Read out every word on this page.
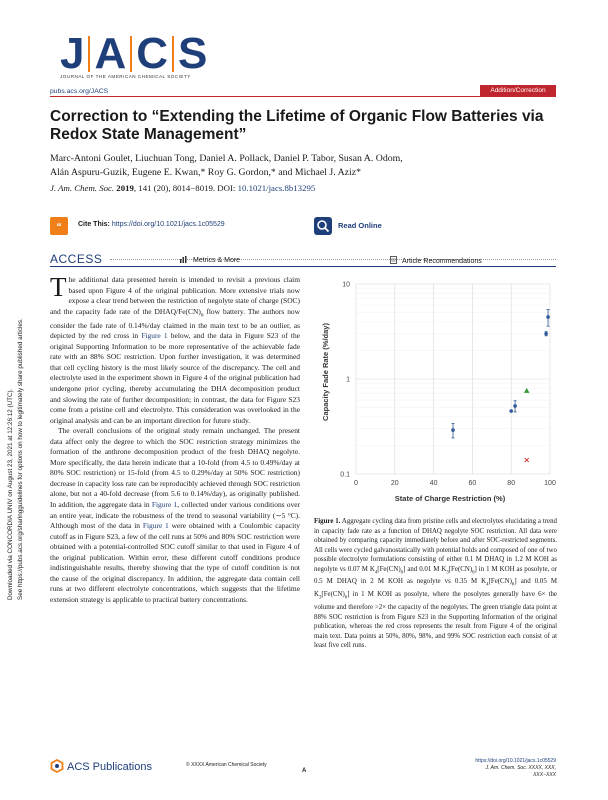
Downloaded via CONCORDIA UNIV on August 23, 2021 at 12:26:12 (UTC). See https://pubs.acs.org/sharingguidelines for options on how to legitimately share published articles.
J A C S
JOURNAL OF THE AMERICAN CHEMICAL SOCIETY
pubs.acs.org/JACS	Addition/Correction
Correction to “Extending the Lifetime of Organic Flow Batteries via Redox State Management”
Marc-Antoni Goulet, Liuchuan Tong, Daniel A. Pollack, Daniel P. Tabor, Susan A. Odom,
Alán Aspuru-Guzik, Eugene E. Kwan,* Roy G. Gordon,* and Michael J. Aziz*
J. Am. Chem. Soc. 2019, 141 (20), 8014−8019. DOI: 10.1021/jacs.8b13295
“ Cite This: https://doi.org/10.1021/jacs.1c05529	Read Online
ACCESS	Metrics & More	Article Recommendations

The additional data presented herein is intended to revisit a previous claim based upon Figure 4 of the original publication. More extensive trials now expose a clear trend between the restriction of negolyte state of charge (SOC) and the capacity fade rate of the DHAQ/$Fe(CN)_6$ flow battery. The authors now consider the fade rate of 0.14%/day claimed in the main text to be an outlier, as depicted by the red cross in Figure 1 below, and the data in Figure S23 of the original Supporting Information to be more representative of the achievable fade rate with an 88% SOC restriction. Upon further investigation, it was determined that cell cycling history is the most likely source of the discrepancy. The cell and electrolyte used in the experiment shown in Figure 4 of the original publication had undergone prior cycling, thereby accumulating the DHA decomposition product and slowing the rate of further decomposition; in contrast, the data for Figure S23 come from a pristine cell and electrolyte. This consideration was overlooked in the original analysis and can be an important direction for future study.

The overall conclusions of the original study remain unchanged. The present data affect only the degree to which the SOC restriction strategy minimizes the formation of the anthrone decomposition product of the fresh DHAQ negolyte. More specifically, the data herein indicate that a 10-fold (from 4.5 to 0.49%/day at 80% SOC restriction) or 15-fold (from 4.5 to 0.29%/day at 50% SOC restriction) decrease in capacity loss rate can be reproducibly achieved through SOC restriction alone, but not a 40-fold decrease (from 5.6 to 0.14%/day), as originally published. In addition, the aggregate data in Figure 1, collected under various conditions over an entire year, indicate the robustness of the trend to seasonal variability (∼5 °C). Although most of the data in Figure 1 were obtained with a Coulombic capacity cutoff as in Figure S23, a few of the cell runs at 50% and 80% SOC restriction were obtained with a potential-controlled SOC cutoff similar to that used in Figure 4 of the original publication. Within error, these different cutoff conditions produce indistinguishable results, thereby showing that the type of cutoff condition is not the cause of the original discrepancy. In addition, the aggregate data contain cell runs at two different electrolyte concentrations, which suggests that the lifetime extension strategy is applicable to practical battery concentrations.

0.1
1
10
0	20	40	60	80	100
Capacity Fade Rate (%/day)
State of Charge Restriction (%)
Figure 1. Aggregate cycling data from pristine cells and electrolytes elucidating a trend in capacity fade rate as a function of DHAQ negolyte SOC restriction. All data were obtained by comparing capacity immediately before and after SOC-restricted segments. All cells were cycled galvanostatically with potential holds and composed of one of two possible electrolyte formulations consisting of either 0.1 M DHAQ in 1.2 M KOH as negolyte vs 0.07 M $K_4[Fe(CN)_6]$ and 0.01 M $K_3[Fe(CN)_6]$ in 1 M KOH as posolyte, or 0.5 M DHAQ in 2 M KOH as negolyte vs 0.35 M $K_4[Fe(CN)_6]$ and 0.05 M $K_3[Fe(CN)_6]$ in 1 M KOH as posolyte, where the posolytes generally have 6× the volume and therefore >2× the capacity of the negolytes. The green triangle data point at 88% SOC restriction is from Figure S23 in the Supporting Information of the original publication, whereas the red cross represents the result from Figure 4 of the original main text. Data points at 50%, 80%, 98%, and 99% SOC restriction each consist of at least five cell runs.
ACS Publications	© XXXX American Chemical Society
A
https://doi.org/10.1021/jacs.1c05529
J. Am. Chem. Soc. XXXX, XXX, XXX−XXX
